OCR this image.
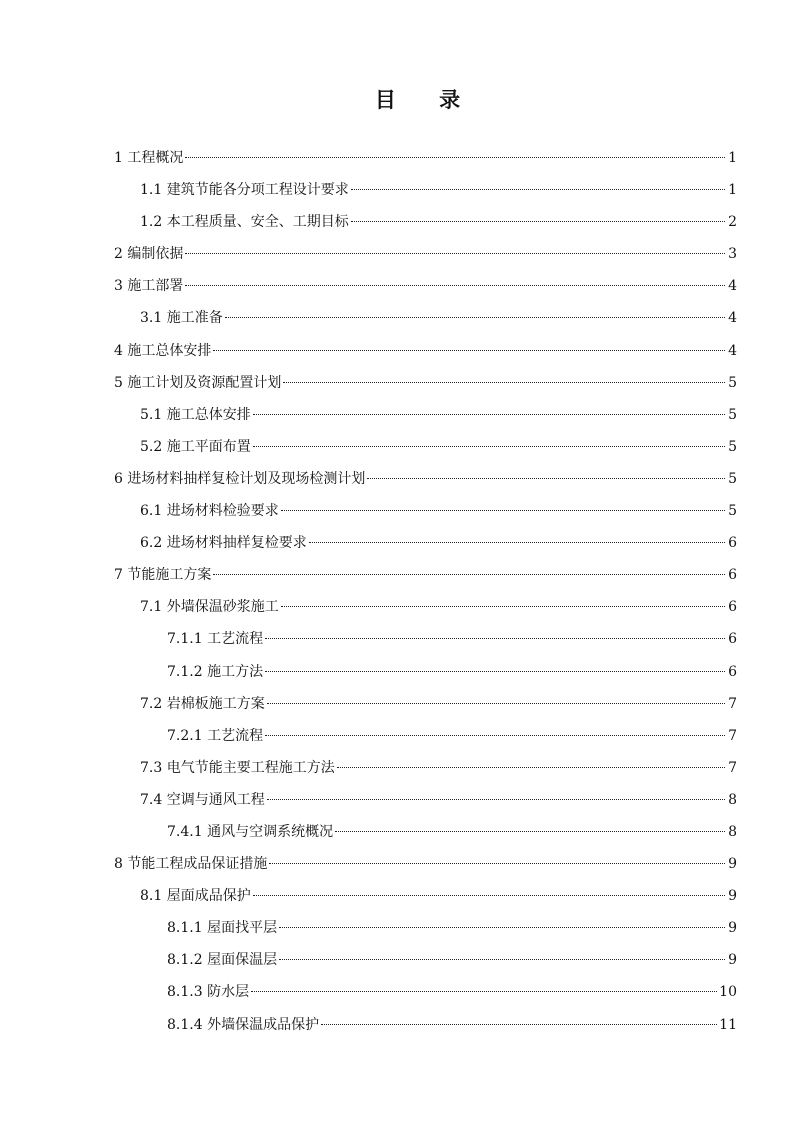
目 录
1 工程概况	1
1.1 建筑节能各分项工程设计要求	1
1.2 本工程质量、安全、工期目标	2
2 编制依据	3
3 施工部署	4
3.1 施工准备	4
4 施工总体安排	4
5 施工计划及资源配置计划	5
5.1 施工总体安排	5
5.2 施工平面布置	5
6 进场材料抽样复检计划及现场检测计划	5
6.1 进场材料检验要求	5
6.2 进场材料抽样复检要求	6
7 节能施工方案	6
7.1 外墙保温砂浆施工	6
7.1.1 工艺流程	6
7.1.2 施工方法	6
7.2 岩棉板施工方案	7
7.2.1 工艺流程	7
7.3 电气节能主要工程施工方法	7
7.4 空调与通风工程	8
7.4.1 通风与空调系统概况	8
8 节能工程成品保证措施	9
8.1 屋面成品保护	9
8.1.1 屋面找平层	9
8.1.2 屋面保温层	9
8.1.3 防水层	10
8.1.4 外墙保温成品保护	11
